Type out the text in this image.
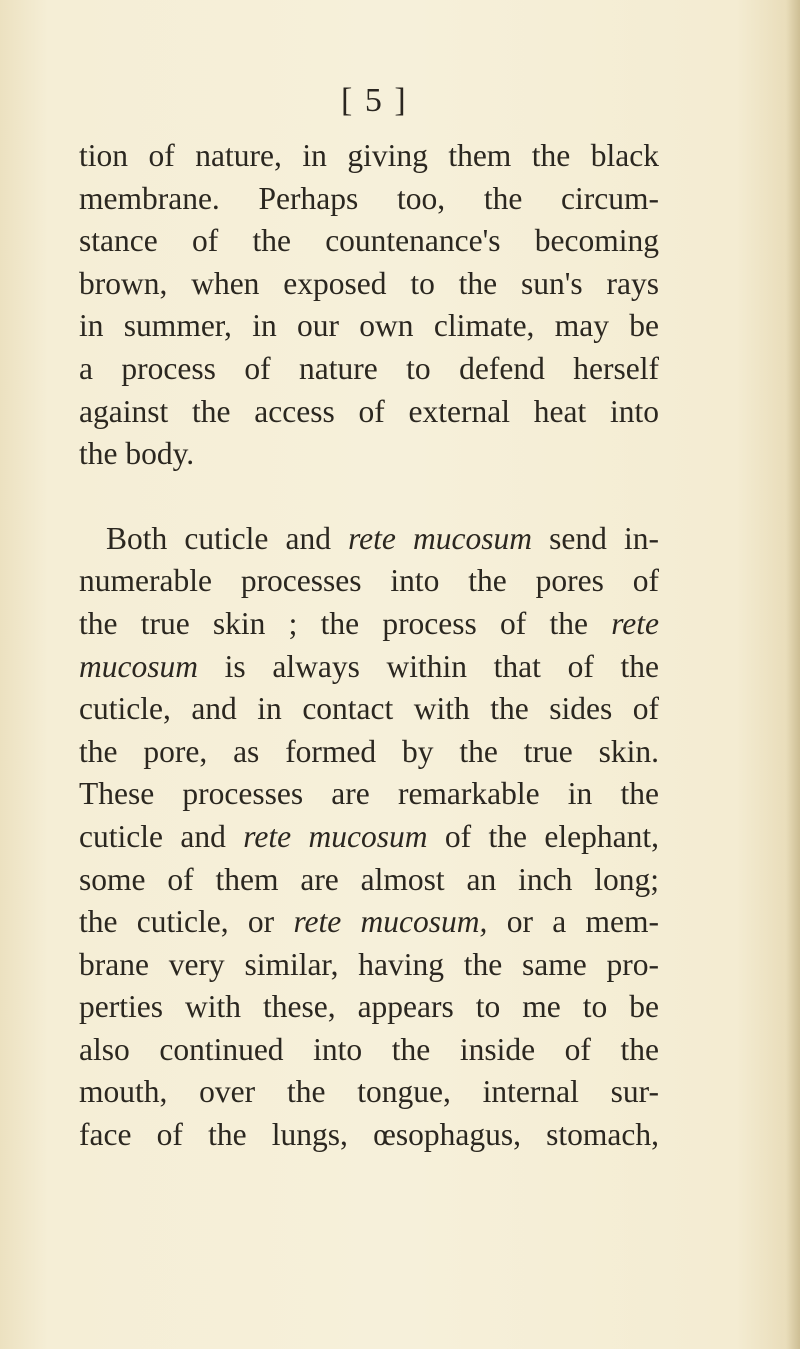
[ 5 ]
tion of nature, in giving them the black
membrane. Perhaps too, the circum-
stance of the countenance's becoming
brown, when exposed to the sun's rays
in summer, in our own climate, may be
a process of nature to defend herself
against the access of external heat into
the body.
Both cuticle and rete mucosum send in-
numerable processes into the pores of
the true skin ; the process of the rete
mucosum is always within that of the
cuticle, and in contact with the sides of
the pore, as formed by the true skin.
These processes are remarkable in the
cuticle and rete mucosum of the elephant,
some of them are almost an inch long;
the cuticle, or rete mucosum, or a mem-
brane very similar, having the same pro-
perties with these, appears to me to be
also continued into the inside of the
mouth, over the tongue, internal sur-
face of the lungs, œsophagus, stomach,
